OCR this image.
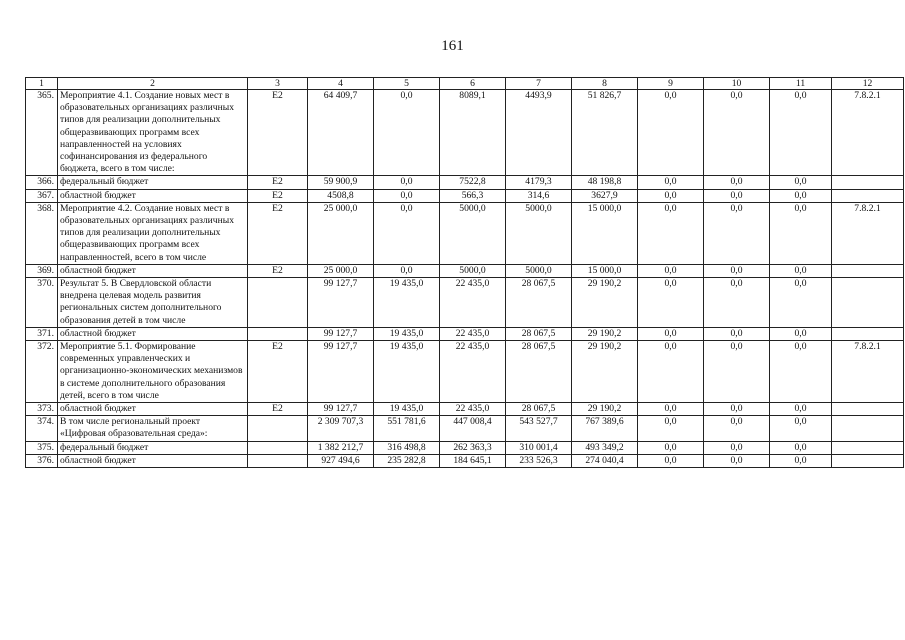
161
1	2	3	4	5	6	7	8	9	10	11	12
365.	Мероприятие 4.1. Создание новых мест в образовательных организациях различных типов для реализации дополнительных общеразвивающих программ всех направленностей на условиях софинансирования из федерального бюджета, всего в том числе:	Е2	64 409,7	0,0	8089,1	4493,9	51 826,7	0,0	0,0	0,0	7.8.2.1
366.	федеральный бюджет	Е2	59 900,9	0,0	7522,8	4179,3	48 198,8	0,0	0,0	0,0	
367.	областной бюджет	Е2	4508,8	0,0	566,3	314,6	3627,9	0,0	0,0	0,0	
368.	Мероприятие 4.2. Создание новых мест в образовательных организациях различных типов для реализации дополнительных общеразвивающих программ всех направленностей, всего в том числе	Е2	25 000,0	0,0	5000,0	5000,0	15 000,0	0,0	0,0	0,0	7.8.2.1
369.	областной бюджет	Е2	25 000,0	0,0	5000,0	5000,0	15 000,0	0,0	0,0	0,0	
370.	Результат 5. В Свердловской области внедрена целевая модель развития региональных систем дополнительного образования детей в том числе		99 127,7	19 435,0	22 435,0	28 067,5	29 190,2	0,0	0,0	0,0	
371.	областной бюджет		99 127,7	19 435,0	22 435,0	28 067,5	29 190,2	0,0	0,0	0,0	
372.	Мероприятие 5.1. Формирование современных управленческих и организационно-экономических механизмов в системе дополнительного образования детей, всего в том числе	Е2	99 127,7	19 435,0	22 435,0	28 067,5	29 190,2	0,0	0,0	0,0	7.8.2.1
373.	областной бюджет	Е2	99 127,7	19 435,0	22 435,0	28 067,5	29 190,2	0,0	0,0	0,0	
374.	В том числе региональный проект «Цифровая образовательная среда»:		2 309 707,3	551 781,6	447 008,4	543 527,7	767 389,6	0,0	0,0	0,0	
375.	федеральный бюджет		1 382 212,7	316 498,8	262 363,3	310 001,4	493 349,2	0,0	0,0	0,0	
376.	областной бюджет		927 494,6	235 282,8	184 645,1	233 526,3	274 040,4	0,0	0,0	0,0	
